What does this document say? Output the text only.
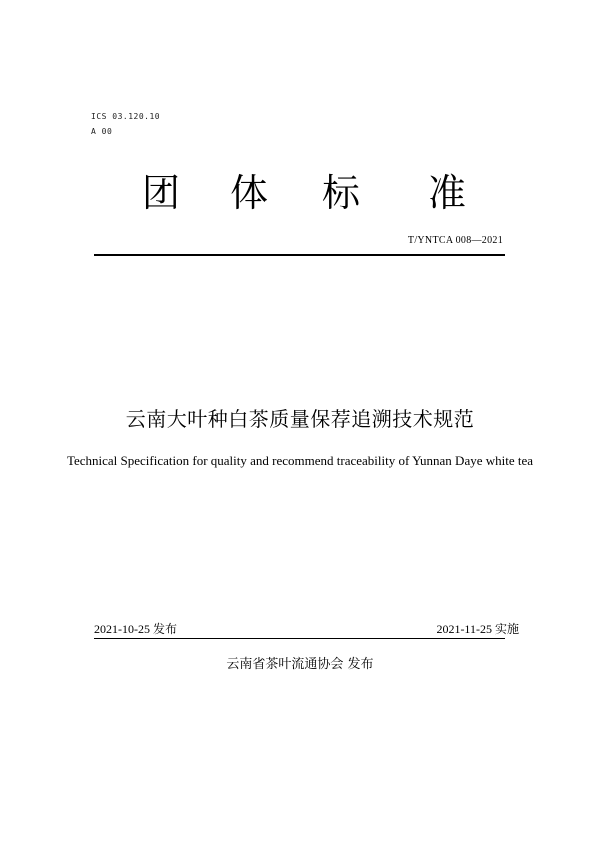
ICS 03.120.10
A 00
团 体 标 准
T/YNTCA 008—2021
云南大叶种白茶质量保荐追溯技术规范
Technical Specification for quality and recommend traceability of Yunnan Daye white tea
2021-10-25 发布	2021-11-25 实施
云南省茶叶流通协会 发布
